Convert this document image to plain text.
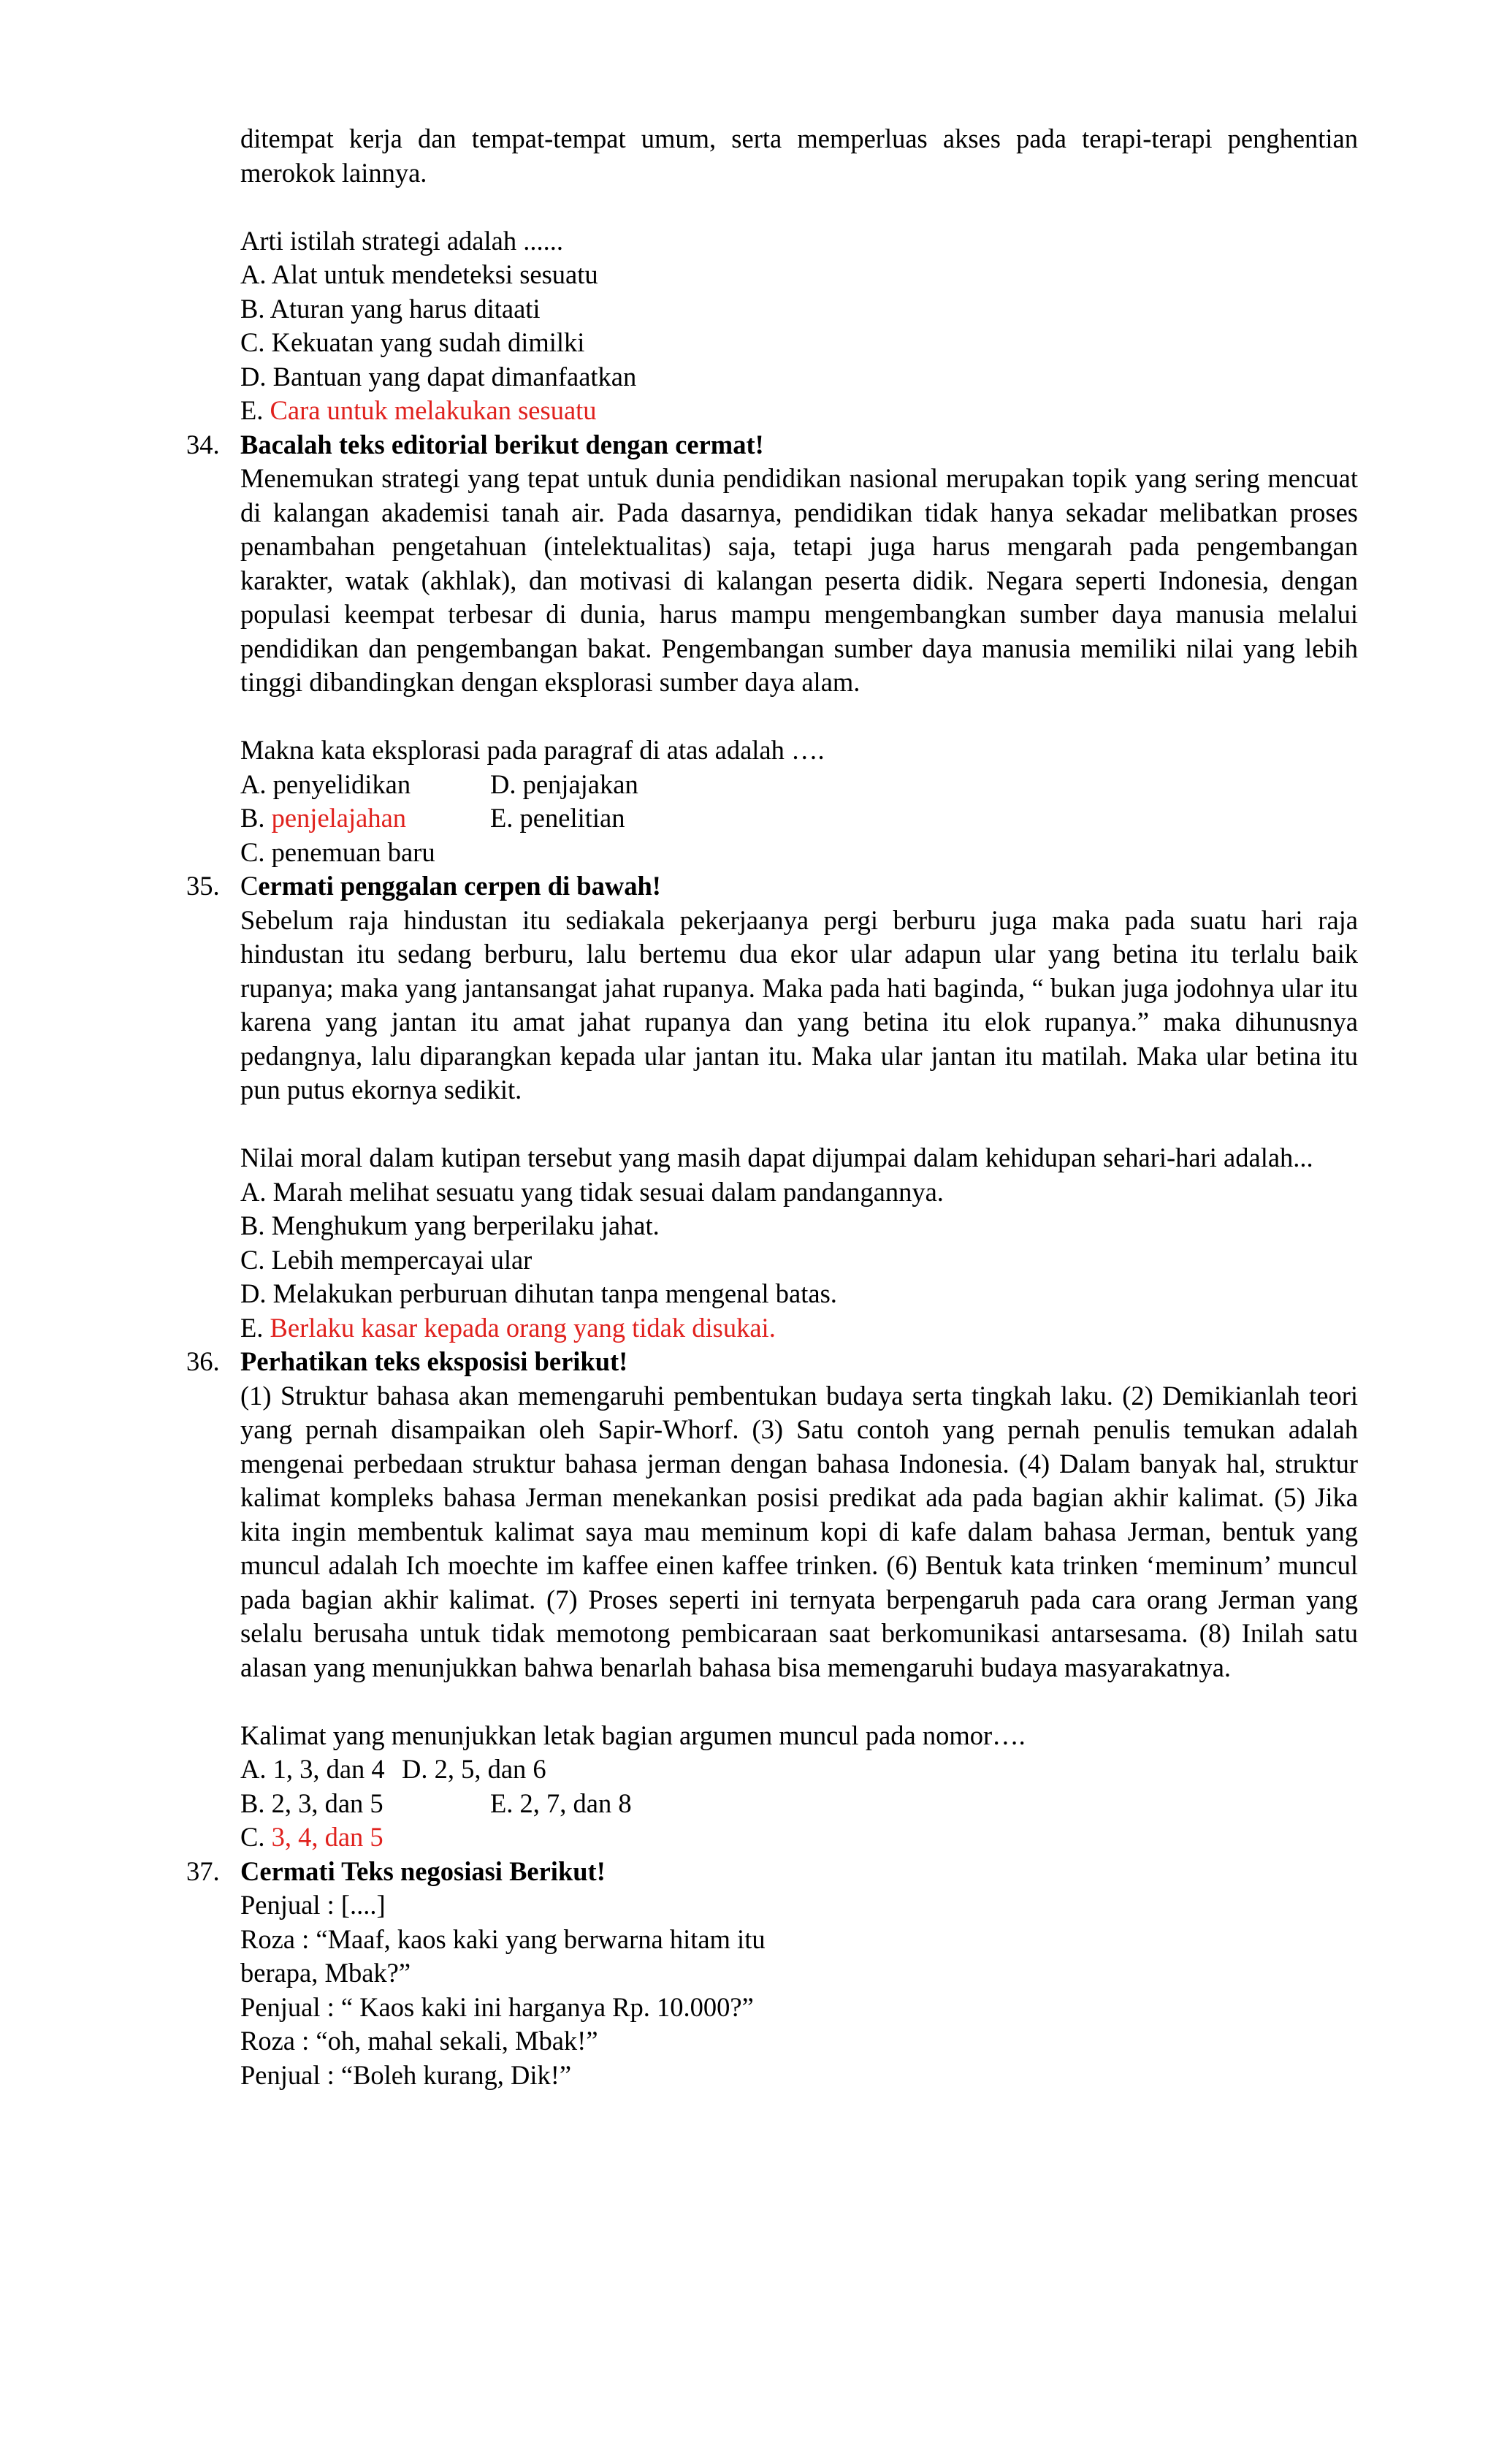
ditempat kerja dan tempat-tempat umum, serta memperluas akses pada terapi-terapi penghentian merokok lainnya.

Arti istilah strategi adalah ......

A. Alat untuk mendeteksi sesuatu
B. Aturan yang harus ditaati
C. Kekuatan yang sudah dimilki
D. Bantuan yang dapat dimanfaatkan
E. Cara untuk melakukan sesuatu
34. Bacalah teks editorial berikut dengan cermat!

Menemukan strategi yang tepat untuk dunia pendidikan nasional merupakan topik yang sering mencuat di kalangan akademisi tanah air. Pada dasarnya, pendidikan tidak hanya sekadar melibatkan proses penambahan pengetahuan (intelektualitas) saja, tetapi juga harus mengarah pada pengembangan karakter, watak (akhlak), dan motivasi di kalangan peserta didik. Negara seperti Indonesia, dengan populasi keempat terbesar di dunia, harus mampu mengembangkan sumber daya manusia melalui pendidikan dan pengembangan bakat. Pengembangan sumber daya manusia memiliki nilai yang lebih tinggi dibandingkan dengan eksplorasi sumber daya alam.

Makna kata eksplorasi pada paragraf di atas adalah ….

A. penyelidikan	D. penjajakan
B. penjelajahan	E. penelitian
C. penemuan baru
35. Cermati penggalan cerpen di bawah!

Sebelum raja hindustan itu sediakala pekerjaanya pergi berburu juga maka pada suatu hari raja hindustan itu sedang berburu, lalu bertemu dua ekor ular adapun ular yang betina itu terlalu baik rupanya; maka yang jantansangat jahat rupanya. Maka pada hati baginda, “ bukan juga jodohnya ular itu karena yang jantan itu amat jahat rupanya dan yang betina itu elok rupanya.” maka dihunusnya pedangnya, lalu diparangkan kepada ular jantan itu. Maka ular jantan itu matilah. Maka ular betina itu pun putus ekornya sedikit.

Nilai moral dalam kutipan tersebut yang masih dapat dijumpai dalam kehidupan sehari-hari adalah...

A. Marah melihat sesuatu yang tidak sesuai dalam pandangannya.
B. Menghukum yang berperilaku jahat.
C. Lebih mempercayai ular
D. Melakukan perburuan dihutan tanpa mengenal batas.
E. Berlaku kasar kepada orang yang tidak disukai.
36. Perhatikan teks eksposisi berikut!

(1) Struktur bahasa akan memengaruhi pembentukan budaya serta tingkah laku. (2) Demikianlah teori yang pernah disampaikan oleh Sapir-Whorf. (3) Satu contoh yang pernah penulis temukan adalah mengenai perbedaan struktur bahasa jerman dengan bahasa Indonesia. (4) Dalam banyak hal, struktur kalimat kompleks bahasa Jerman menekankan posisi predikat ada pada bagian akhir kalimat. (5) Jika kita ingin membentuk kalimat saya mau meminum kopi di kafe dalam bahasa Jerman, bentuk yang muncul adalah Ich moechte im kaffee einen kaffee trinken. (6) Bentuk kata trinken ‘meminum’ muncul pada bagian akhir kalimat. (7) Proses seperti ini ternyata berpengaruh pada cara orang Jerman yang selalu berusaha untuk tidak memotong pembicaraan saat berkomunikasi antarsesama. (8) Inilah satu alasan yang menunjukkan bahwa benarlah bahasa bisa memengaruhi budaya masyarakatnya.

Kalimat yang menunjukkan letak bagian argumen muncul pada nomor….

A. 1, 3, dan 4 D. 2, 5, dan 6
B. 2, 3, dan 5	E. 2, 7, dan 8
C. 3, 4, dan 5
37. Cermati Teks negosiasi Berikut!

Penjual : [....]

Roza : “Maaf, kaos kaki yang berwarna hitam itu berapa, Mbak?”

Penjual : “ Kaos kaki ini harganya Rp. 10.000?”

Roza : “oh, mahal sekali, Mbak!”

Penjual : “Boleh kurang, Dik!”
